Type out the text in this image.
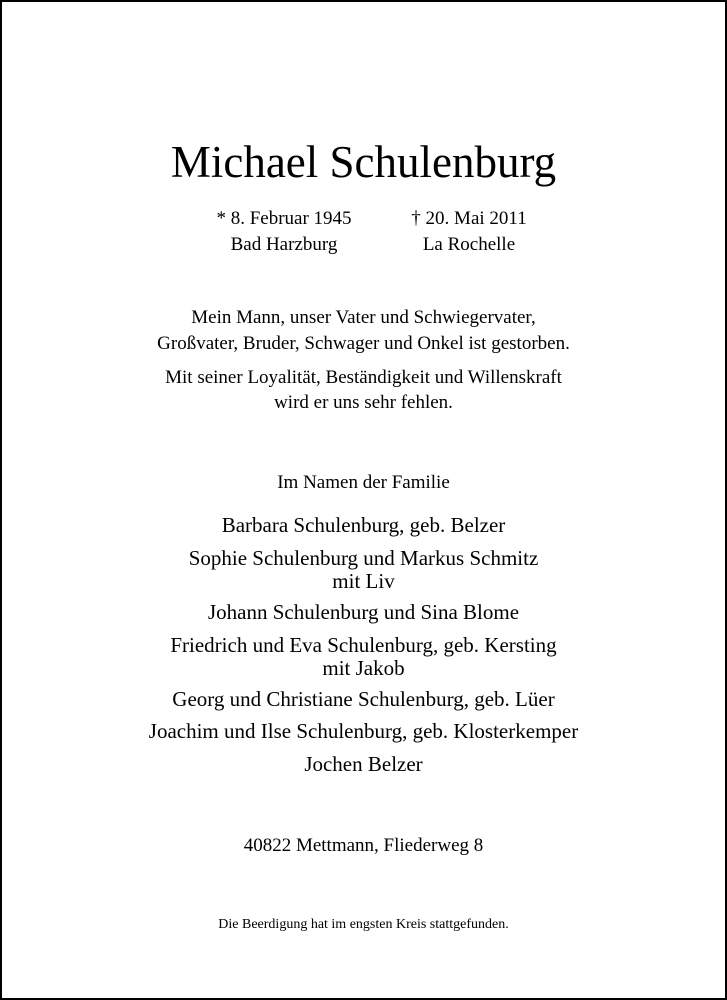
Michael Schulenburg
* 8. Februar 1945
Bad Harzburg
† 20. Mai 2011
La Rochelle
Mein Mann, unser Vater und Schwiegervater,
Großvater, Bruder, Schwager und Onkel ist gestorben.
Mit seiner Loyalität, Beständigkeit und Willenskraft
wird er uns sehr fehlen.
Im Namen der Familie
Barbara Schulenburg, geb. Belzer
Sophie Schulenburg und Markus Schmitz
mit Liv
Johann Schulenburg und Sina Blome
Friedrich und Eva Schulenburg, geb. Kersting
mit Jakob
Georg und Christiane Schulenburg, geb. Lüer
Joachim und Ilse Schulenburg, geb. Klosterkemper
Jochen Belzer
40822 Mettmann, Fliederweg 8
Die Beerdigung hat im engsten Kreis stattgefunden.
